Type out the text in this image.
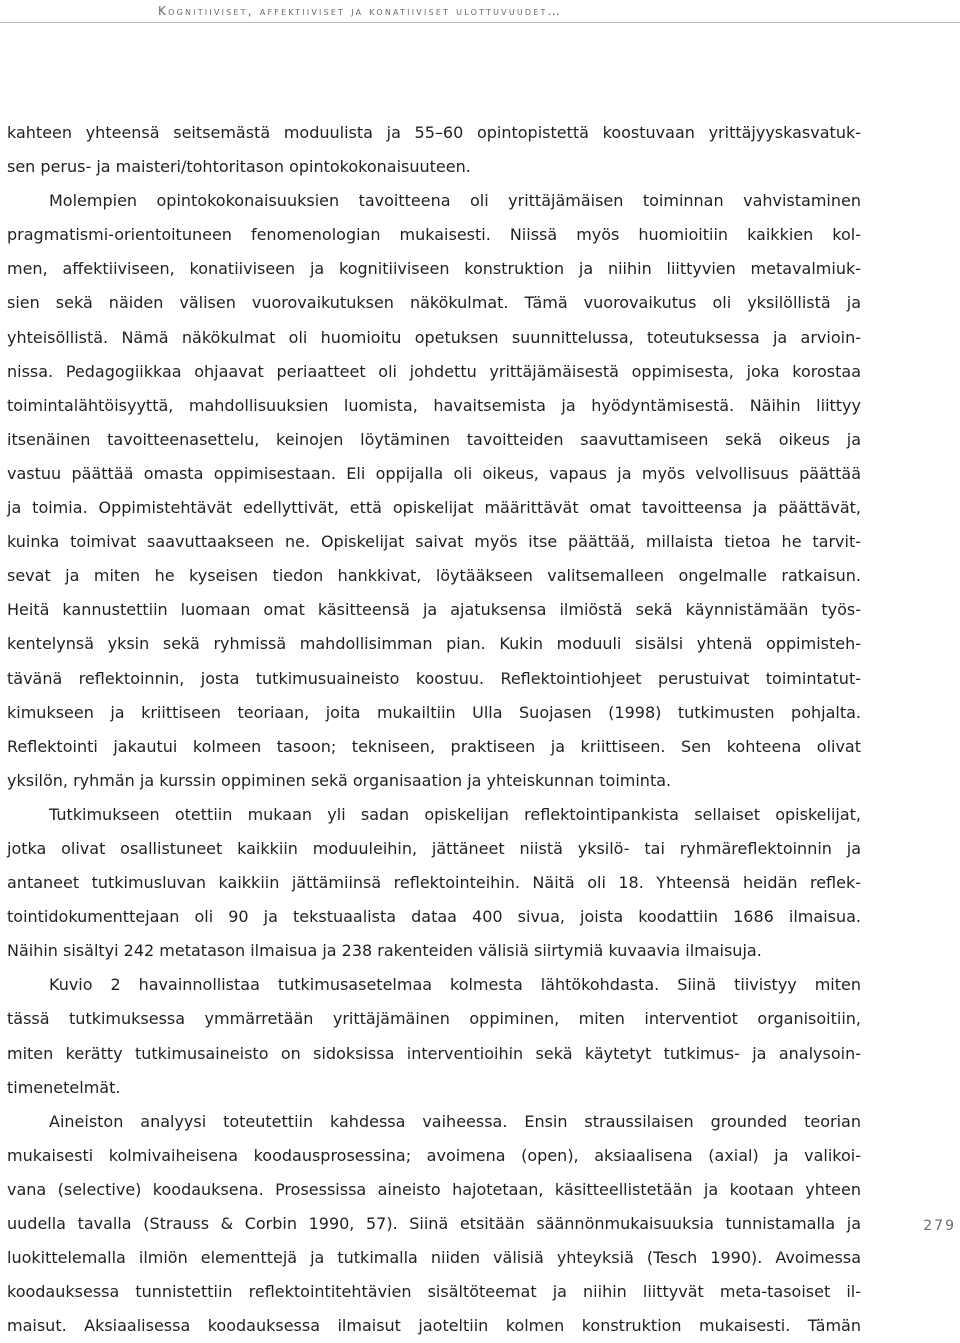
Kognitiiviset, affektiiviset ja konatiiviset ulottuvuudet…
kahteen yhteensä seitsemästä moduulista ja 55–60 opintopistettä koostuvaan yrittäjyyskasvatuk-
sen perus- ja maisteri/tohtoritason opintokokonaisuuteen.
Molempien opintokokonaisuuksien tavoitteena oli yrittäjämäisen toiminnan vahvistaminen
pragmatismi-orientoituneen fenomenologian mukaisesti. Niissä myös huomioitiin kaikkien kol-
men, affektiiviseen, konatiiviseen ja kognitiiviseen konstruktion ja niihin liittyvien metavalmiuk-
sien sekä näiden välisen vuorovaikutuksen näkökulmat. Tämä vuorovaikutus oli yksilöllistä ja
yhteisöllistä. Nämä näkökulmat oli huomioitu opetuksen suunnittelussa, toteutuksessa ja arvioin-
nissa. Pedagogiikkaa ohjaavat periaatteet oli johdettu yrittäjämäisestä oppimisesta, joka korostaa
toimintalähtöisyyttä, mahdollisuuksien luomista, havaitsemista ja hyödyntämisestä. Näihin liittyy
itsenäinen tavoitteenasettelu, keinojen löytäminen tavoitteiden saavuttamiseen sekä oikeus ja
vastuu päättää omasta oppimisestaan. Eli oppijalla oli oikeus, vapaus ja myös velvollisuus päättää
ja toimia. Oppimistehtävät edellyttivät, että opiskelijat määrittävät omat tavoitteensa ja päättävät,
kuinka toimivat saavuttaakseen ne. Opiskelijat saivat myös itse päättää, millaista tietoa he tarvit-
sevat ja miten he kyseisen tiedon hankkivat, löytääkseen valitsemalleen ongelmalle ratkaisun.
Heitä kannustettiin luomaan omat käsitteensä ja ajatuksensa ilmiöstä sekä käynnistämään työs-
kentelynsä yksin sekä ryhmissä mahdollisimman pian. Kukin moduuli sisälsi yhtenä oppimisteh-
tävänä reflektoinnin, josta tutkimusuaineisto koostuu. Reflektointiohjeet perustuivat toimintatut-
kimukseen ja kriittiseen teoriaan, joita mukailtiin Ulla Suojasen (1998) tutkimusten pohjalta.
Reflektointi jakautui kolmeen tasoon; tekniseen, praktiseen ja kriittiseen. Sen kohteena olivat
yksilön, ryhmän ja kurssin oppiminen sekä organisaation ja yhteiskunnan toiminta.
Tutkimukseen otettiin mukaan yli sadan opiskelijan reflektointipankista sellaiset opiskelijat,
jotka olivat osallistuneet kaikkiin moduuleihin, jättäneet niistä yksilö- tai ryhmäreflektoinnin ja
antaneet tutkimusluvan kaikkiin jättämiinsä reflektointeihin. Näitä oli 18. Yhteensä heidän reflek-
tointidokumenttejaan oli 90 ja tekstuaalista dataa 400 sivua, joista koodattiin 1686 ilmaisua.
Näihin sisältyi 242 metatason ilmaisua ja 238 rakenteiden välisiä siirtymiä kuvaavia ilmaisuja.
Kuvio 2 havainnollistaa tutkimusasetelmaa kolmesta lähtökohdasta. Siinä tiivistyy miten
tässä tutkimuksessa ymmärretään yrittäjämäinen oppiminen, miten interventiot organisoitiin,
miten kerätty tutkimusaineisto on sidoksissa interventioihin sekä käytetyt tutkimus- ja analysoin-
timenetelmät.
Aineiston analyysi toteutettiin kahdessa vaiheessa. Ensin straussilaisen grounded teorian
mukaisesti kolmivaiheisena koodausprosessina; avoimena (open), aksiaalisena (axial) ja valikoi-
vana (selective) koodauksena. Prosessissa aineisto hajotetaan, käsitteellistetään ja kootaan yhteen
uudella tavalla (Strauss & Corbin 1990, 57). Siinä etsitään säännönmukaisuuksia tunnistamalla ja
luokittelemalla ilmiön elementtejä ja tutkimalla niiden välisiä yhteyksiä (Tesch 1990). Avoimessa
koodauksessa tunnistettiin reflektointitehtävien sisältöteemat ja niihin liittyvät meta-tasoiset il-
maisut. Aksiaalisessa koodauksessa ilmaisut jaoteltiin kolmen konstruktion mukaisesti. Tämän
279
